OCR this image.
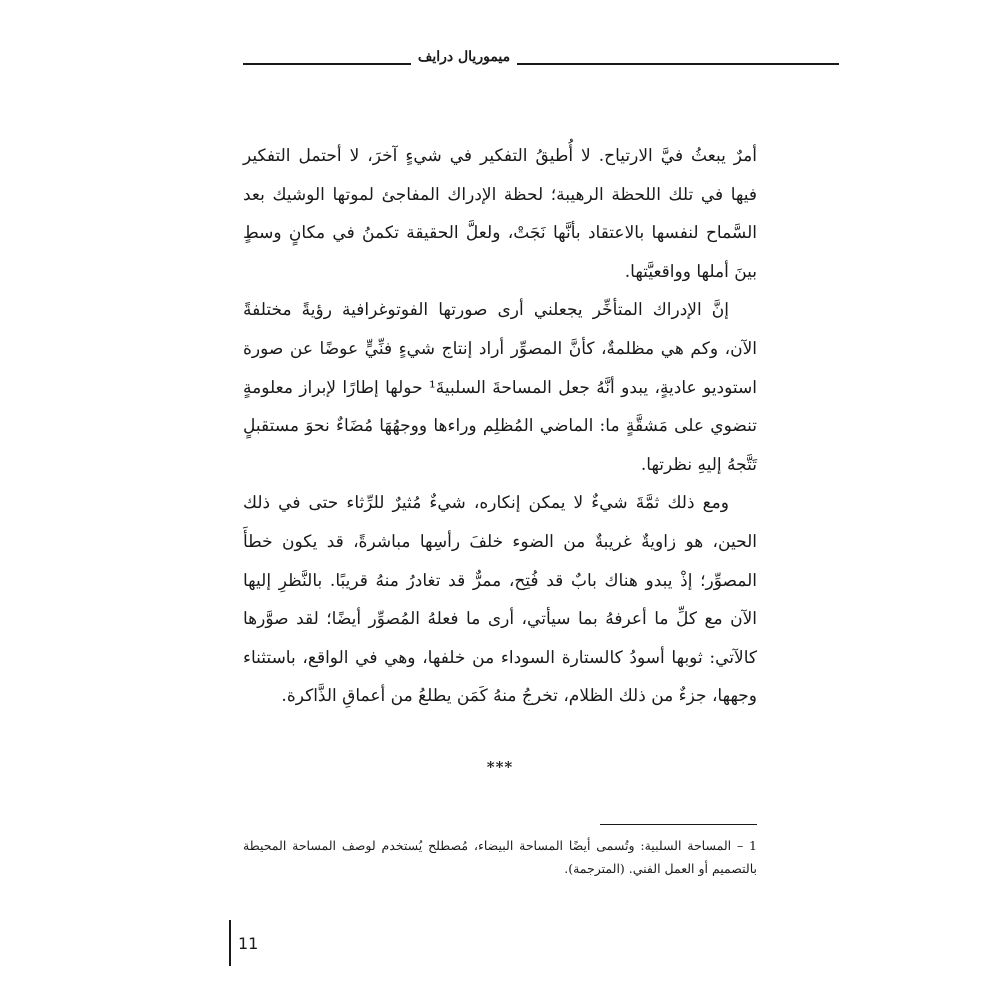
ميموريال درايف

أمرٌ يبعثُ فيَّ الارتياح. لا أُطيقُ التفكير في شيءٍ آخرَ، لا أحتمل التفكير فيها في تلك اللحظة الرهيبة؛ لحظة الإدراك المفاجئ لموتها الوشيك بعد السَّماح لنفسها بالاعتقاد بأنَّها نَجَتْ، ولعلَّ الحقيقة تكمنُ في مكانٍ وسطٍ بينَ أملها وواقعيَّتها.

إنَّ الإدراك المتأخِّر يجعلني أرى صورتها الفوتوغرافية رؤيةً مختلفةً الآن، وكم هي مظلمةٌ، كأنَّ المصوِّر أراد إنتاج شيءٍ فنِّيٍّ عوضًا عن صورة استوديو عاديةٍ، يبدو أنَّهُ جعل المساحةَ السلبيةَ¹ حولها إطارًا لإبراز معلومةٍ تنضوي على مَشقَّةٍ ما: الماضي المُظلِم وراءها ووجهُهَا مُضَاءٌ نحوَ مستقبلٍ تَتَّجهُ إليهِ نظرتها.

ومع ذلك ثمَّةَ شيءٌ لا يمكن إنكاره، شيءٌ مُثيرٌ للرِّثاء حتى في ذلك الحين، هو زاويةٌ غريبةٌ من الضوء خلفَ رأسِها مباشرةً، قد يكون خطأَ المصوِّر؛ إذْ يبدو هناك بابٌ قد فُتِح، ممرٌّ قد تغادرُ منهُ قريبًا. بالنَّظرِ إليها الآن مع كلِّ ما أعرفهُ بما سيأتي، أرى ما فعلهُ المُصوِّر أيضًا؛ لقد صوَّرها كالآتي: ثوبها أسودُ كالستارة السوداء من خلفها، وهي في الواقع، باستثناء وجهها، جزءٌ من ذلك الظلام، تخرجُ منهُ كَمَن يطلعُ من أعماقِ الذَّاكرة.

***
1 – المساحة السلبية: وتُسمى أيضًا المساحة البيضاء، مُصطلح يُستخدم لوصف المساحة المحيطة بالتصميم أو العمل الفني. (المترجمة).
11
